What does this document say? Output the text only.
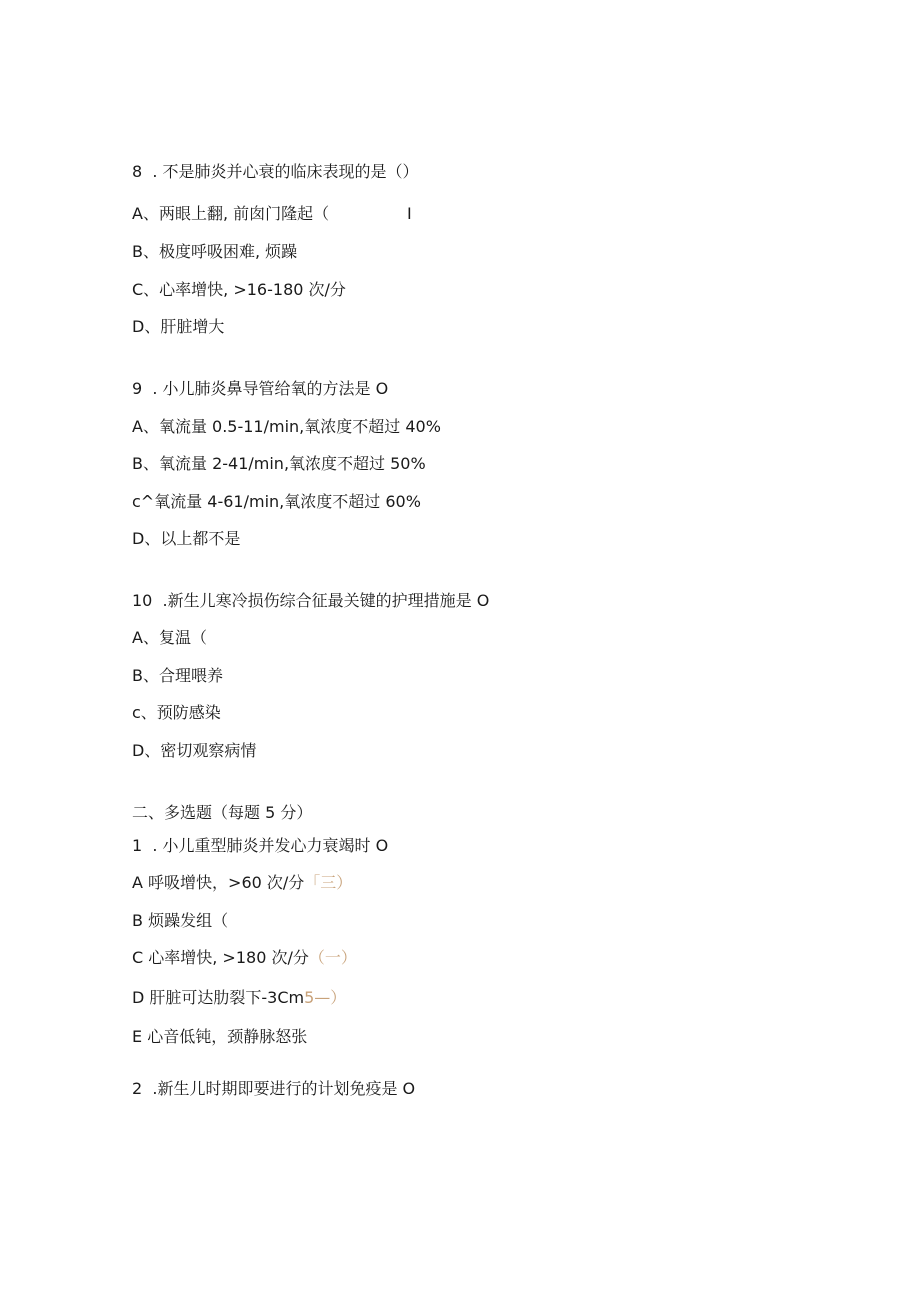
8  . 不是肺炎并心衰的临床表现的是（）
A、两眼上翻, 前囱门隆起（	I
B、极度呼吸困难, 烦躁
C、心率增快, >16-180 次/分
D、肝脏增大
9  . 小儿肺炎鼻导管给氧的方法是 O
A、氧流量 0.5-11∕min,氧浓度不超过 40%
B、氧流量 2-41∕min,氧浓度不超过 50%
c^氧流量 4-61∕min,氧浓度不超过 60%
D、以上都不是
10  .新生儿寒冷损伤综合征最关键的护理措施是 O
A、复温（
B、合理喂养
c、预防感染
D、密切观察病情
二、多选题（每题 5 分）
1  . 小儿重型肺炎并发心力衰竭时 O
A 呼吸增快，>60 次/分「三）
B 烦躁发组（
C 心率增快, >180 次/分（一）
D 肝脏可达肋裂下-3Cm5—）
E 心音低钝，颈静脉怒张
2  .新生儿时期即要进行的计划免疫是 O
